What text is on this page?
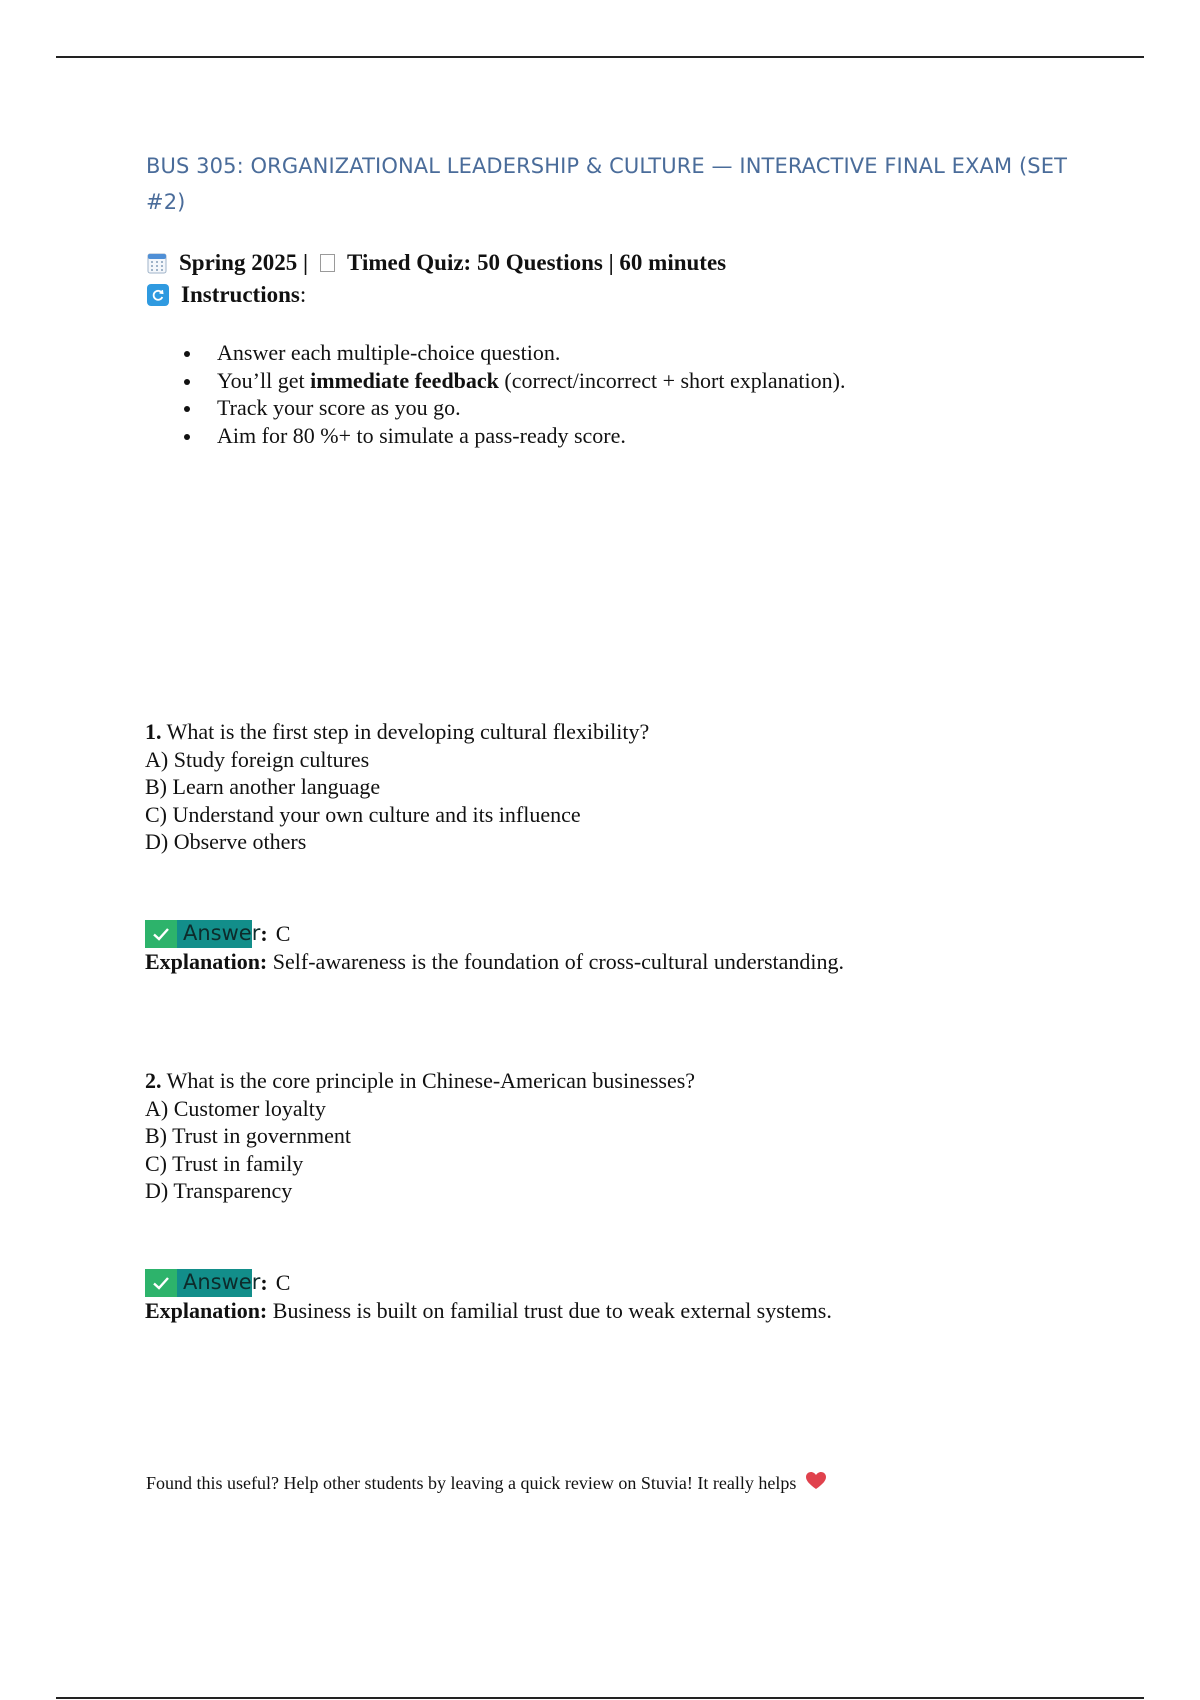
BUS 305: ORGANIZATIONAL LEADERSHIP & CULTURE — INTERACTIVE FINAL EXAM (SET #2)
Spring 2025 | Timed Quiz: 50 Questions | 60 minutes
Instructions:
Answer each multiple-choice question.
You’ll get immediate feedback (correct/incorrect + short explanation).
Track your score as you go.
Aim for 80 %+ to simulate a pass-ready score.
1. What is the first step in developing cultural flexibility?
A) Study foreign cultures
B) Learn another language
C) Understand your own culture and its influence
D) Observe others
Answe r : C
Explanation: Self-awareness is the foundation of cross-cultural understanding.
2. What is the core principle in Chinese-American businesses?
A) Customer loyalty
B) Trust in government
C) Trust in family
D) Transparency
Answe r : C
Explanation: Business is built on familial trust due to weak external systems.
Found this useful? Help other students by leaving a quick review on Stuvia! It really helps
